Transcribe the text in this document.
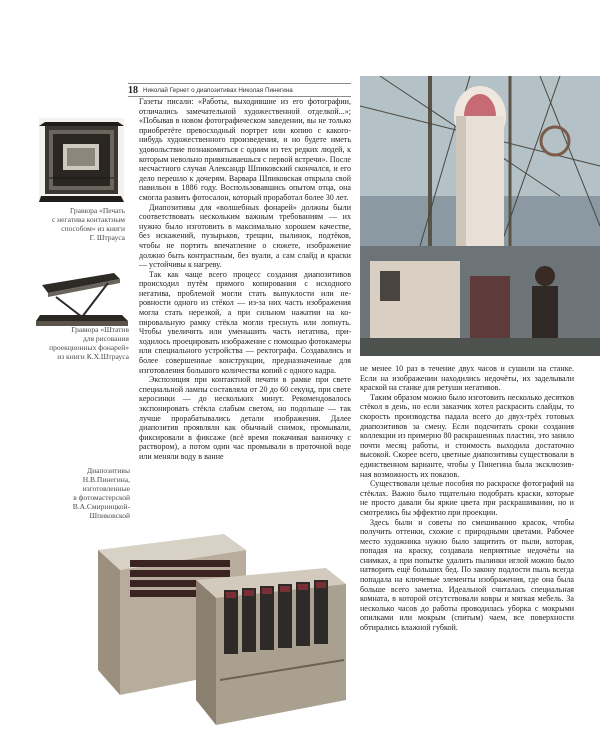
18 Николай Гернет о диапозитивах Николая Пинегина
Гравюра «Печать
с негатива контактным
способом» из книги
Г. Штрауса
Гравюра «Штатив
для рисования
проекционных фонарей»
из книги К.Х.Штрауса
Диапозитивы
Н.В.Пинегина,
изготовленные
в фотомастерской
В.А.Смирницкой-
Шпиковской

Газеты писали: «Работы, выходившие из его фотографии, отличались замечательной художественной отделкой...»; «Побывав в новом фотографическом заведении, вы не только приобретёте превосходный портрет или копию с какого-нибудь художественного произведения, и но будете иметь удовольствие познакомиться с одним из тех редких людей, к которым невольно привязываешься с первой встречи». После несчастного случая Александр Шпиковский скончался, и его дело перешло к дочерям. Варвара Шпиковская открыла свой павильон в 1886 году. Воспользовавшись опытом отца, она смогла развить фотосалон, который проработал более 30 лет.

Диапозитивы для «волшебных фонарей» должны были соответствовать нескольким важным требованиям — их нужно было изготовить в максимально хорошем качестве, без искажений, пузырьков, трещин, пылинок, подтёков, чтобы не портить впечатление о сюжете, изображение должно быть контрастным, без вуали, а сам слайд и краски — устойчивы к нагреву.

Так как чаще всего процесс создания диапозитивов происходил путём прямого копирования с исходного негатива, проблемой могли стать выпуклости или неровности одного из стёкол — из-за них часть изображения могла стать нерезкой, а при сильном нажатии на копировальную рамку стёкла могли треснуть или лопнуть. Чтобы увеличить или уменьшить часть негатива, приходилось проецировать изображение с помощью фотокамеры или специального устройства — ректографа. Создавались и более совершенные конструкции, предназначенные для изготовления большого количества копий с одного кадра.

Экспозиция при контактной печати в рамке при свете специальной лампы составляла от 20 до 60 секунд, при свете керосинки — до нескольких минут. Рекомендовалось экспонировать стёкла слабым светом, но подольше — так лучше прорабатывались детали изображения. Далее диапозитив проявляли как обычный снимок, промывали, фиксировали в фиксаже (всё время покачивая ванночку с раствором), а потом один час промывали в проточной воде или меняли воду в ванне

не менее 10 раз в течение двух часов и сушили на станке. Если на изображении находились недочёты, их заделывали краской на станке для ретуши негативов.

Таким образом можно было изготовить несколько десятков стёкол в день, но если заказчик хотел раскрасить слайды, то скорость производства падала всего до двух-трёх готовых диапозитивов за смену. Если подсчитать сроки создания коллекции из примерно 80 раскрашенных пластин, это заняло почти месяц работы, и стоимость выходила достаточно высокой. Скорее всего, цветные диапозитивы существовали в единственном варианте, чтобы у Пинегина была эксклюзивная возможность их показов.

Существовали целые пособия по раскраске фотографий на стёклах. Важно было тщательно подобрать краски, которые не просто давали бы яркие цвета при раскрашивании, но и смотрелись бы эффектно при проекции.

Здесь были и советы по смешиванию красок, чтобы получить оттенки, схожие с природными цветами. Рабочее место художника нужно было защитить от пыли, которая, попадая на краску, создавала неприятные недочёты на снимках, а при попытке удалить пылинки иглой можно было натворить ещё больших бед. По закону подлости пыль всегда попадала на ключевые элементы изображения, где она была больше всего заметна. Идеальной считалась специальная комната, в которой отсутствовали ковры и мягкая мебель. За несколько часов до работы проводилась уборка с мокрыми опилками или мокрым (спитым) чаем, все поверхности обтирались влажной губкой.
